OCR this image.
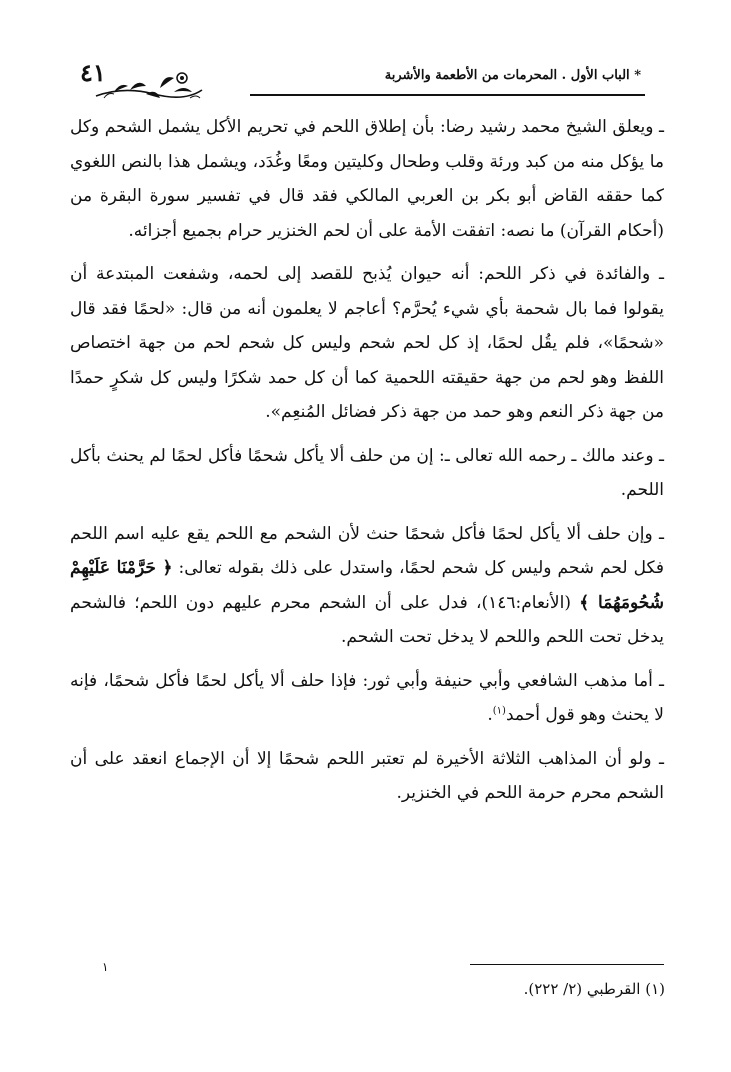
٤١	* الباب الأول . المحرمات من الأطعمة والأشربة

ـ ويعلق الشيخ محمد رشيد رضا: بأن إطلاق اللحم في تحريم الأكل يشمل الشحم وكل ما يؤكل منه من كبد ورئة وقلب وطحال وكليتين ومعًا وغُدَد، ويشمل هذا بالنص اللغوي كما حققه القاض أبو بكر بن العربي المالكي فقد قال في تفسير سورة البقرة من (أحكام القرآن) ما نصه: اتفقت الأمة على أن لحم الخنزير حرام بجميع أجزائه.

ـ والفائدة في ذكر اللحم: أنه حيوان يُذبح للقصد إلى لحمه، وشفعت المبتدعة أن يقولوا فما بال شحمة بأي شيء يُحرَّم؟ أعاجم لا يعلمون أنه من قال: «لحمًا فقد قال «شحمًا»، فلم يقُل لحمًا، إذ كل لحم شحم وليس كل شحم لحم من جهة اختصاص اللفظ وهو لحم من جهة حقيقته اللحمية كما أن كل حمد شكرًا وليس كل شكرٍ حمدًا من جهة ذكر النعم وهو حمد من جهة ذكر فضائل المُنعِم».

ـ وعند مالك ـ رحمه الله تعالى ـ: إن من حلف ألا يأكل شحمًا فأكل لحمًا لم يحنث بأكل اللحم.

ـ وإن حلف ألا يأكل لحمًا فأكل شحمًا حنث لأن الشحم مع اللحم يقع عليه اسم اللحم فكل لحم شحم وليس كل شحم لحمًا، واستدل على ذلك بقوله تعالى: ﴿ حَرَّمْنَا عَلَيْهِمْ شُحُومَهُمَا ﴾ (الأنعام:١٤٦)، فدل على أن الشحم محرم عليهم دون اللحم؛ فالشحم يدخل تحت اللحم واللحم لا يدخل تحت الشحم.

ـ أما مذهب الشافعي وأبي حنيفة وأبي ثور: فإذا حلف ألا يأكل لحمًا فأكل شحمًا، فإنه لا يحنث وهو قول أحمد$^{(١)}$.

ـ ولو أن المذاهب الثلاثة الأخيرة لم تعتبر اللحم شحمًا إلا أن الإجماع انعقد على أن الشحم محرم حرمة اللحم في الخنزير.

١
(١) القرطبي (٢/ ٢٢٢).
